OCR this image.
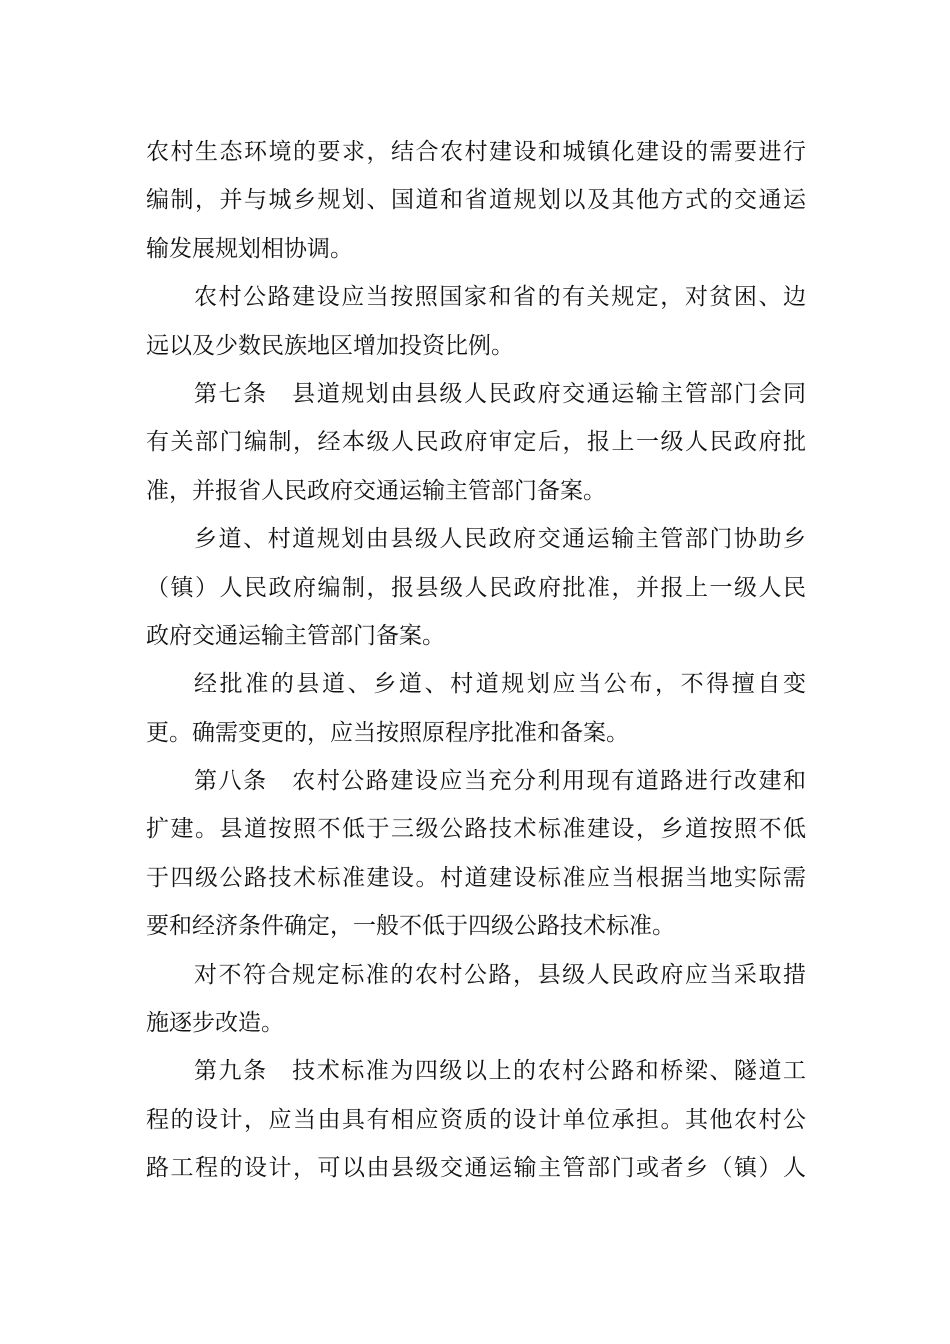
农村生态环境的要求，结合农村建设和城镇化建设的需要进行
编制，并与城乡规划、国道和省道规划以及其他方式的交通运
输发展规划相协调。
农村公路建设应当按照国家和省的有关规定，对贫困、边
远以及少数民族地区增加投资比例。
第七条　县道规划由县级人民政府交通运输主管部门会同
有关部门编制，经本级人民政府审定后，报上一级人民政府批
准，并报省人民政府交通运输主管部门备案。
乡道、村道规划由县级人民政府交通运输主管部门协助乡
（镇）人民政府编制，报县级人民政府批准，并报上一级人民
政府交通运输主管部门备案。
经批准的县道、乡道、村道规划应当公布，不得擅自变
更。确需变更的，应当按照原程序批准和备案。
第八条　农村公路建设应当充分利用现有道路进行改建和
扩建。县道按照不低于三级公路技术标准建设，乡道按照不低
于四级公路技术标准建设。村道建设标准应当根据当地实际需
要和经济条件确定，一般不低于四级公路技术标准。
对不符合规定标准的农村公路，县级人民政府应当采取措
施逐步改造。
第九条　技术标准为四级以上的农村公路和桥梁、隧道工
程的设计，应当由具有相应资质的设计单位承担。其他农村公
路工程的设计，可以由县级交通运输主管部门或者乡（镇）人
